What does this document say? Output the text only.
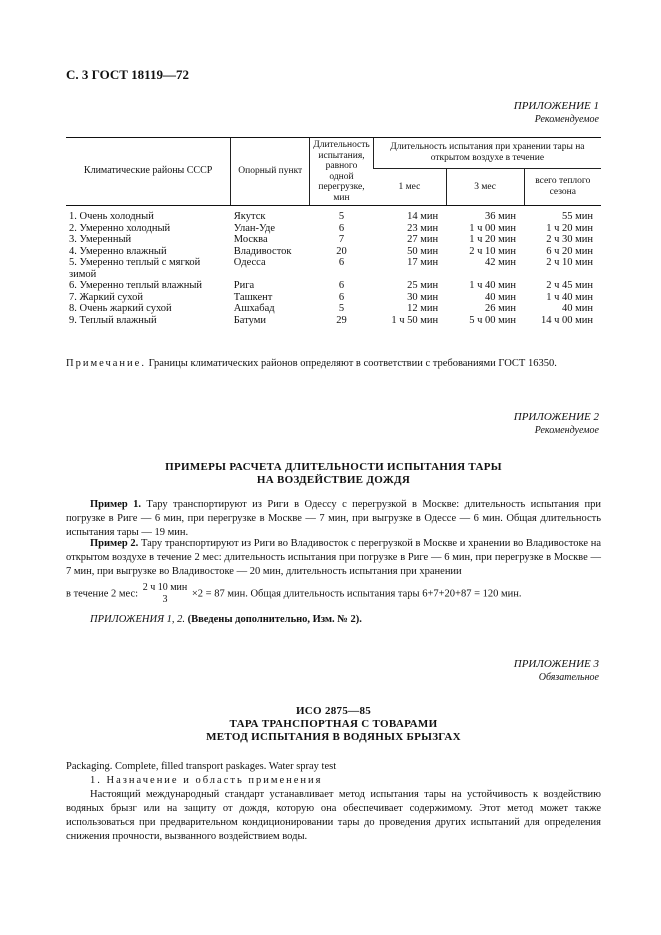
С. 3 ГОСТ 18119—72
ПРИЛОЖЕНИЕ 1
Рекомендуемое
Климатические районы СССР	Опорный пункт	Длительность испытания, равного одной перегрузке, мин	Длительность испытания при хранении тары на открытом воздухе в течение		
			1 мес	3 мес	всего теплого сезона
1. Очень холодный	Якутск	5	14 мин	36 мин	55 мин
2. Умеренно холодный	Улан-Уде	6	23 мин	1 ч 00 мин	1 ч 20 мин
3. Умеренный	Москва	7	27 мин	1 ч 20 мин	2 ч 30 мин
4. Умеренно влажный	Владивосток	20	50 мин	2 ч 10 мин	6 ч 20 мин
5. Умеренно теплый с мягкой зимой	Одесса	6	17 мин	42 мин	2 ч 10 мин
6. Умеренно теплый влажный	Рига	6	25 мин	1 ч 40 мин	2 ч 45 мин
7. Жаркий сухой	Ташкент	6	30 мин	40 мин	1 ч 40 мин
8. Очень жаркий сухой	Ашхабад	5	12 мин	26 мин	40 мин
9. Теплый влажный	Батуми	29	1 ч 50 мин	5 ч 00 мин	14 ч 00 мин
Примечание. Границы климатических районов определяют в соответствии с требованиями ГОСТ 16350.
ПРИЛОЖЕНИЕ 2
Рекомендуемое
ПРИМЕРЫ РАСЧЕТА ДЛИТЕЛЬНОСТИ ИСПЫТАНИЯ ТАРЫ
НА ВОЗДЕЙСТВИЕ ДОЖДЯ
Пример 1. Тару транспортируют из Риги в Одессу с перегрузкой в Москве: длительность испытания при погрузке в Риге — 6 мин, при перегрузке в Москве — 7 мин, при выгрузке в Одессе — 6 мин. Общая длительность испытания тары — 19 мин.
Пример 2. Тару транспортируют из Риги во Владивосток с перегрузкой в Москве и хранении во Владивостоке на открытом воздухе в течение 2 мес: длительность испытания при погрузке в Риге — 6 мин, при перегрузке в Москве — 7 мин, при выгрузке во Владивостоке — 20 мин, длительность испытания при хранении
в течение 2 мес:
2 ч 10 мин
3
×2 = 87 мин. Общая длительность испытания тары 6+7+20+87 = 120 мин.
ПРИЛОЖЕНИЯ 1, 2. (Введены дополнительно, Изм. № 2).
ПРИЛОЖЕНИЕ 3
Обязательное
ИСО 2875—85
ТАРА ТРАНСПОРТНАЯ С ТОВАРАМИ
МЕТОД ИСПЫТАНИЯ В ВОДЯНЫХ БРЫЗГАХ
Packaging. Complete, filled transport paskages. Water spray test
1. Назначение и область применения
Настоящий международный стандарт устанавливает метод испытания тары на устойчивость к воздействию водяных брызг или на защиту от дождя, которую она обеспечивает содержимому. Этот метод может также использоваться при предварительном кондиционировании тары до проведения других испытаний для определения снижения прочности, вызванного воздействием воды.
